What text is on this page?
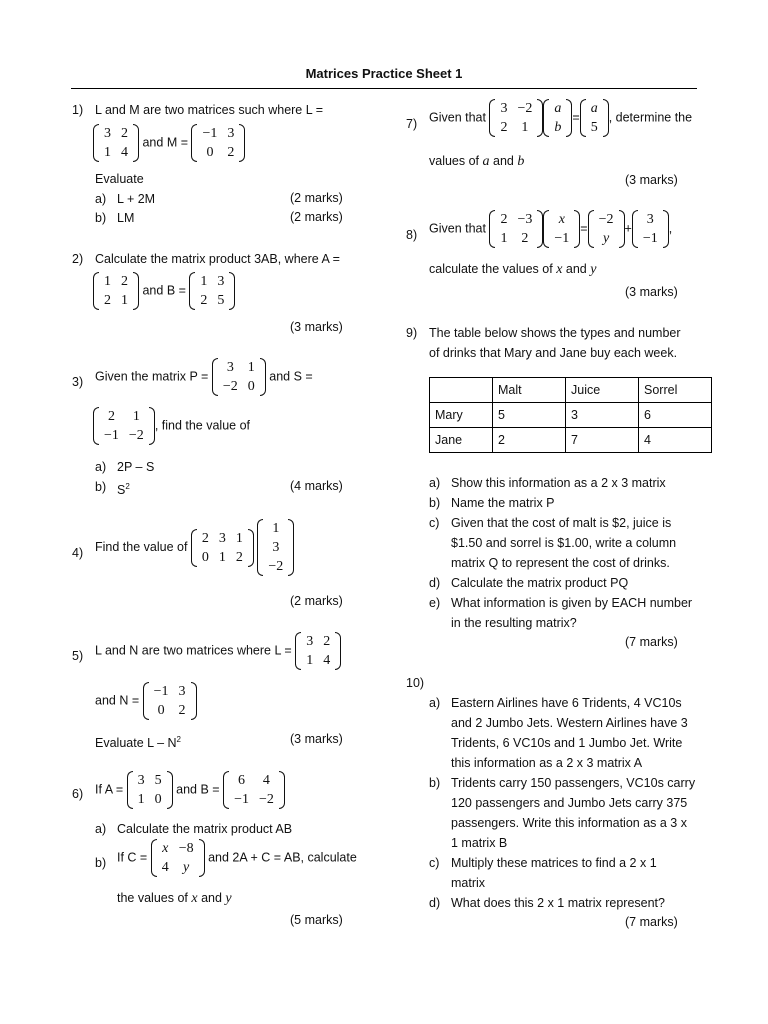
Matrices Practice Sheet 1
1) L and M are two matrices such where L =
3	2
1	4
and M =
−1	3
0	2
Evaluate
a) L + 2M	(2 marks)
b) LM	(2 marks)
2) Calculate the matrix product 3AB, where A =
1	2
2	1
and B =
1	3
2	5
(3 marks)
3) Given the matrix P =
3	1
−2	0
and S =
2	1
−1	−2
, find the value of
a) 2P – S
b) $S^2$	(4 marks)
4) Find the value of
2	3	1
0	1	2

1
3
−2
(2 marks)
5) L and N are two matrices where L =
3	2
1	4
and N =
−1	3
0	2
Evaluate L – $N^2$	(3 marks)
6) If A =
3	5
1	0
and B =
6	4
−1	−2
a) Calculate the matrix product AB
b) If C =
x	−8
4	y
and 2A + C = AB, calculate
the values of x and y
(5 marks)
7) Given that
3	−2
2	1
a
b
=
a
5
, determine the
values of a and b
(3 marks)
8) Given that
2	−3
1	2
x
−1
=
−2
y
+
3
−1
,
calculate the values of x and y
(3 marks)
9) The table below shows the types and number
of drinks that Mary and Jane buy each week.
	Malt	Juice	Sorrel
Mary	5	3	6
Jane	2	7	4
a) Show this information as a 2 x 3 matrix
b) Name the matrix P
c) Given that the cost of malt is $2, juice is
$1.50 and sorrel is $1.00, write a column
matrix Q to represent the cost of drinks.
d) Calculate the matrix product PQ
e) What information is given by EACH number
in the resulting matrix?
(7 marks)
10)
a) Eastern Airlines have 6 Tridents, 4 VC10s
and 2 Jumbo Jets. Western Airlines have 3
Tridents, 6 VC10s and 1 Jumbo Jet. Write
this information as a 2 x 3 matrix A
b) Tridents carry 150 passengers, VC10s carry
120 passengers and Jumbo Jets carry 375
passengers. Write this information as a 3 x
1 matrix B
c) Multiply these matrices to find a 2 x 1
matrix
d) What does this 2 x 1 matrix represent?
(7 marks)
